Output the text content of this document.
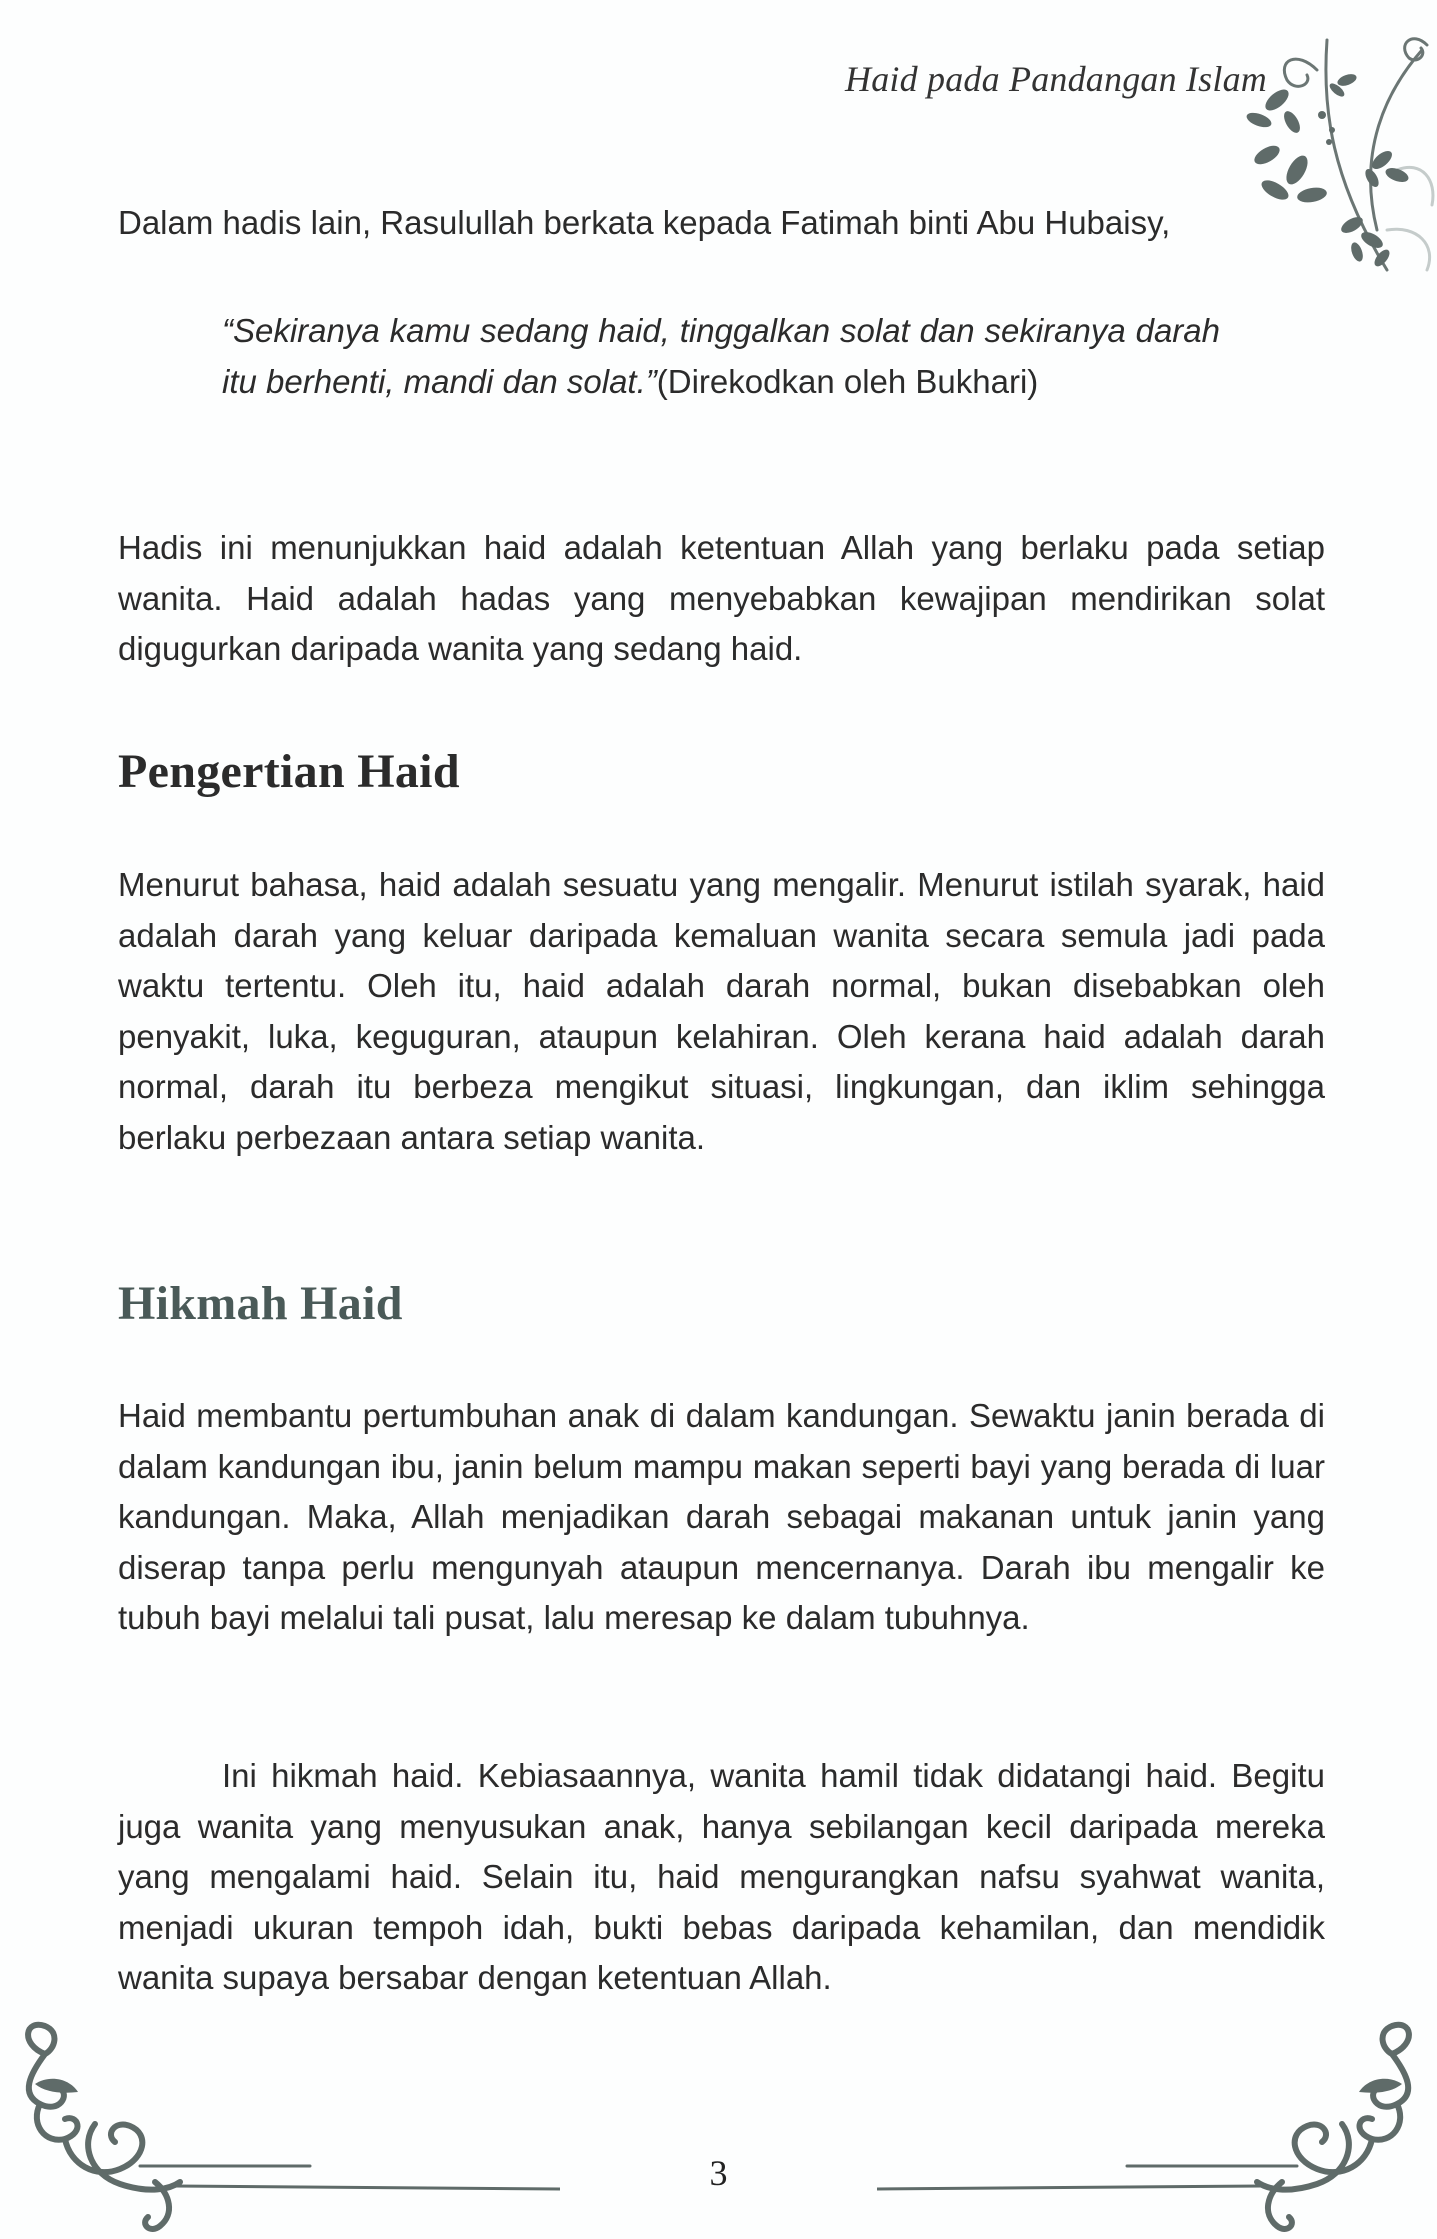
Haid pada Pandangan Islam

Dalam hadis lain, Rasulullah berkata kepada Fatimah binti Abu Hubaisy,

“Sekiranya kamu sedang haid, tinggalkan solat dan sekiranya darah itu berhenti, mandi dan solat.”(Direkodkan oleh Bukhari)

Hadis ini menunjukkan haid adalah ketentuan Allah yang berlaku pada setiap wanita. Haid adalah hadas yang menyebabkan kewajipan mendirikan solat digugurkan daripada wanita yang sedang haid.

Pengertian Haid

Menurut bahasa, haid adalah sesuatu yang mengalir. Menurut istilah syarak, haid adalah darah yang keluar daripada kemaluan wanita secara semula jadi pada waktu tertentu. Oleh itu, haid adalah darah normal, bukan disebabkan oleh penyakit, luka, keguguran, ataupun kelahiran. Oleh kerana haid adalah darah normal, darah itu berbeza mengikut situasi, lingkungan, dan iklim sehingga berlaku perbezaan antara setiap wanita.

Hikmah Haid

Haid membantu pertumbuhan anak di dalam kandungan. Sewaktu janin berada di dalam kandungan ibu, janin belum mampu makan seperti bayi yang berada di luar kandungan. Maka, Allah menjadikan darah sebagai makanan untuk janin yang diserap tanpa perlu mengunyah ataupun mencernanya. Darah ibu mengalir ke tubuh bayi melalui tali pusat, lalu meresap ke dalam tubuhnya.

Ini hikmah haid. Kebiasaannya, wanita hamil tidak didatangi haid. Begitu juga wanita yang menyusukan anak, hanya sebilangan kecil daripada mereka yang mengalami haid. Selain itu, haid mengurangkan nafsu syahwat wanita, menjadi ukuran tempoh idah, bukti bebas daripada kehamilan, dan mendidik wanita supaya bersabar dengan ketentuan Allah.

3
